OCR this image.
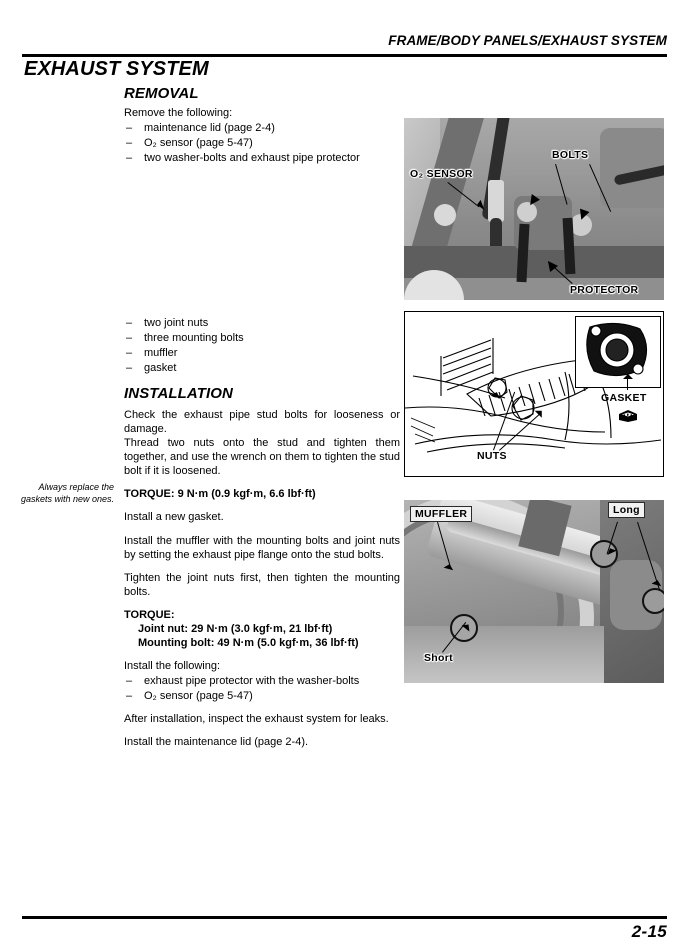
FRAME/BODY PANELS/EXHAUST SYSTEM
EXHAUST SYSTEM
REMOVAL
Remove the following:
– maintenance lid (page 2-4)
– O₂ sensor (page 5-47)
– two washer-bolts and exhaust pipe protector
– two joint nuts
– three mounting bolts
– muffler
– gasket
INSTALLATION
Check the exhaust pipe stud bolts for looseness or damage.
Thread two nuts onto the stud and tighten them together, and use the wrench on them to tighten the stud bolt if it is loosened.
TORQUE: 9 N·m (0.9 kgf·m, 6.6 lbf·ft)
Install a new gasket.
Install the muffler with the mounting bolts and joint nuts by setting the exhaust pipe flange onto the stud bolts.
Tighten the joint nuts first, then tighten the mounting bolts.
TORQUE:
Joint nut: 29 N·m (3.0 kgf·m, 21 lbf·ft)
Mounting bolt: 49 N·m (5.0 kgf·m, 36 lbf·ft)
Install the following:
– exhaust pipe protector with the washer-bolts
– O₂ sensor (page 5-47)
After installation, inspect the exhaust system for leaks.
Install the maintenance lid (page 2-4).
Always replace the gaskets with new ones.
O₂ SENSOR
BOLTS
PROTECTOR
GASKET
NUTS
MUFFLER	Long
Short
2-15
